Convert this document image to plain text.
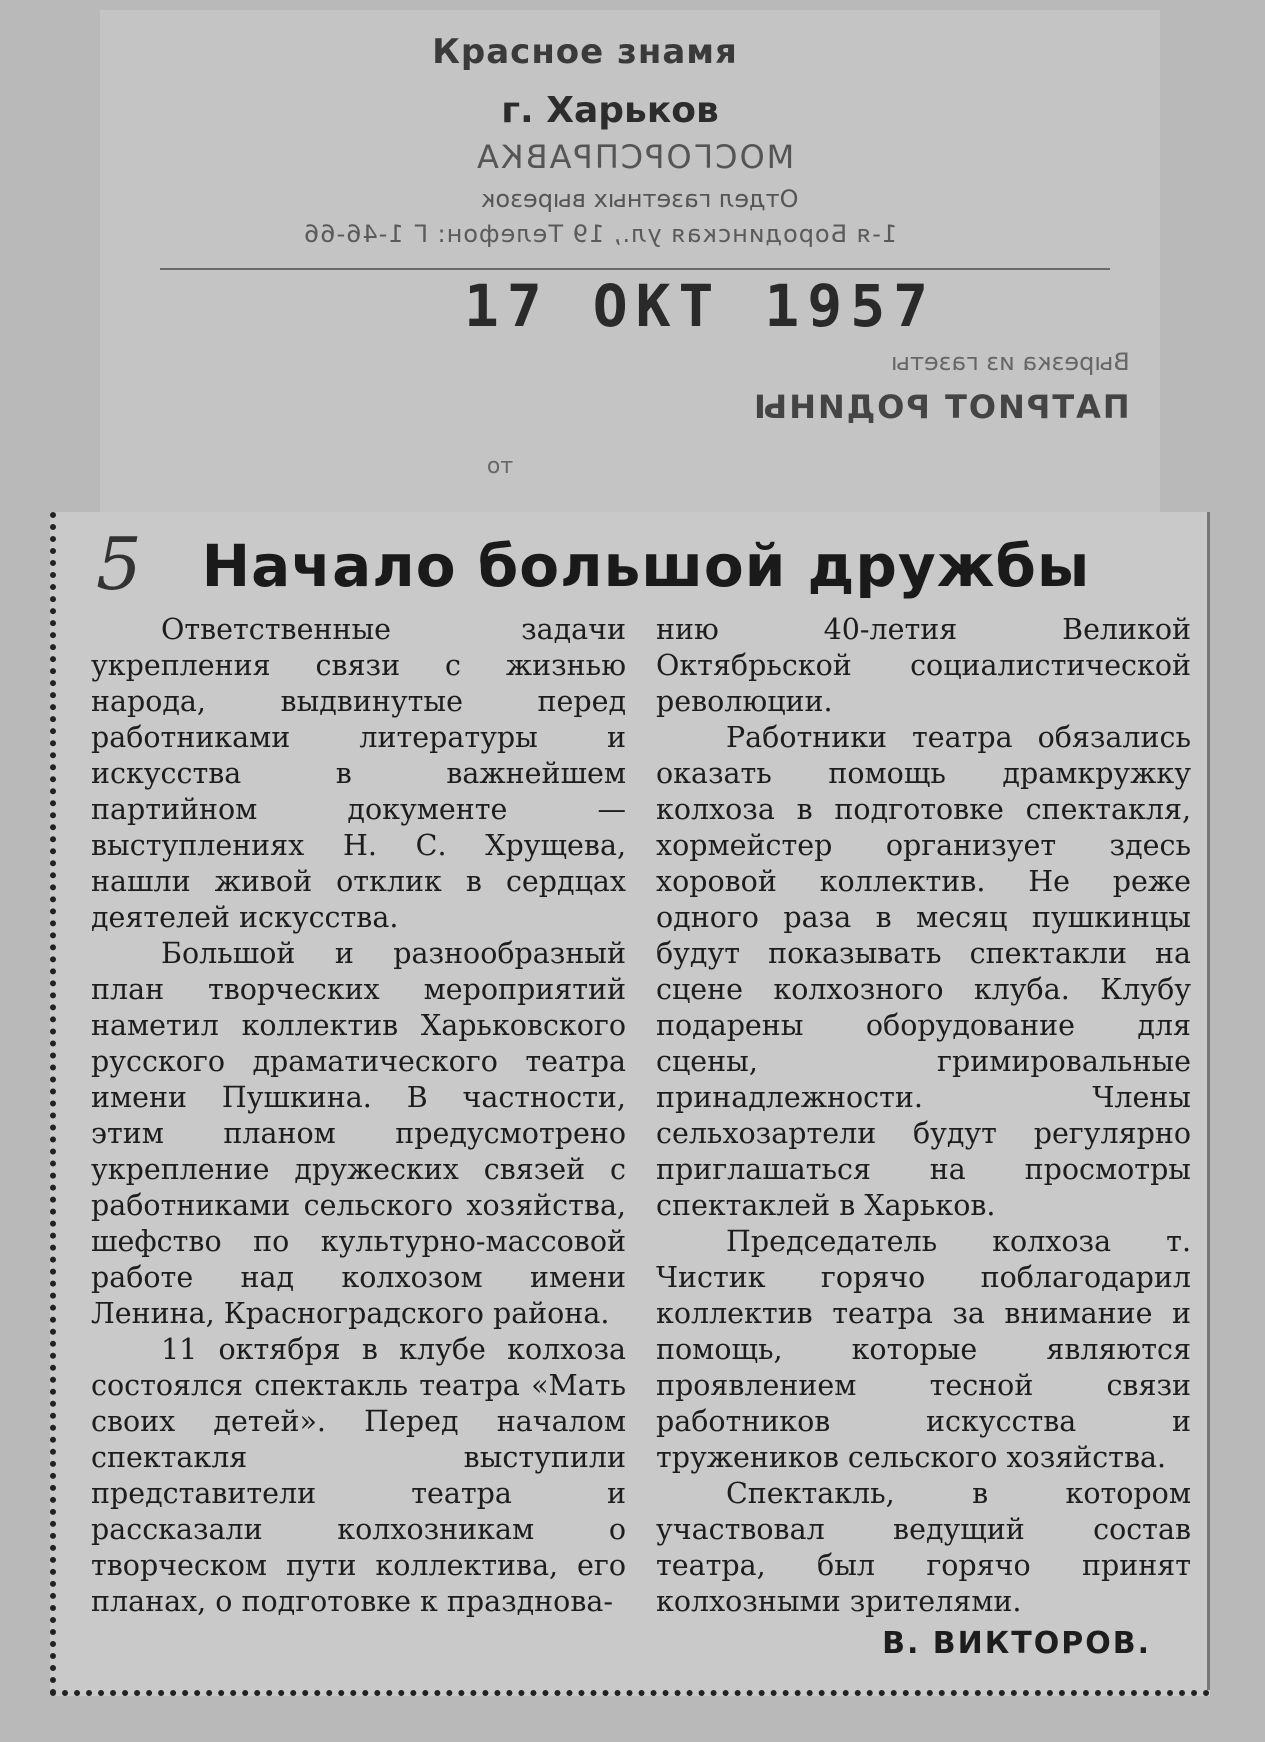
Красное знамя
г. Харьков
МОСГОРСПРАВКА
Отдел газетных вырезок
1-я Бородинская ул., 19 Телефон: Г 1-46-66
17 ОКТ 1957
Вырезка из газеты
ПАТРИОТ РОДИНЫ
от
5	Начало большой дружбы

Ответственные задачи укрепления связи с жизнью народа, выдвинутые перед работниками литературы и искусства в важнейшем партийном документе — выступлениях Н. С. Хрущева, нашли живой отклик в сердцах деятелей искусства.

Большой и разнообразный план творческих мероприятий наметил коллектив Харьковского русского драматического театра имени Пушкина. В частности, этим планом предусмотрено укрепление дружеских связей с работниками сельского хозяйства, шефство по культурно-массовой работе над колхозом имени Ленина, Красноградского района.

11 октября в клубе колхоза состоялся спектакль театра «Мать своих детей». Перед началом спектакля выступили представители театра и рассказали колхозникам о творческом пути коллектива, его планах, о подготовке к празднова-

нию 40-летия Великой Октябрьской социалистической революции.

Работники театра обязались оказать помощь драмкружку колхоза в подготовке спектакля, хормейстер организует здесь хоровой коллектив. Не реже одного раза в месяц пушкинцы будут показывать спектакли на сцене колхозного клуба. Клубу подарены оборудование для сцены, гримировальные принадлежности. Члены сельхозартели будут регулярно приглашаться на просмотры спектаклей в Харьков.

Председатель колхоза т. Чистик горячо поблагодарил коллектив театра за внимание и помощь, которые являются проявлением тесной связи работников искусства и тружеников сельского хозяйства.

Спектакль, в котором участвовал ведущий состав театра, был горячо принят колхозными зрителями.

В. ВИКТОРОВ.
